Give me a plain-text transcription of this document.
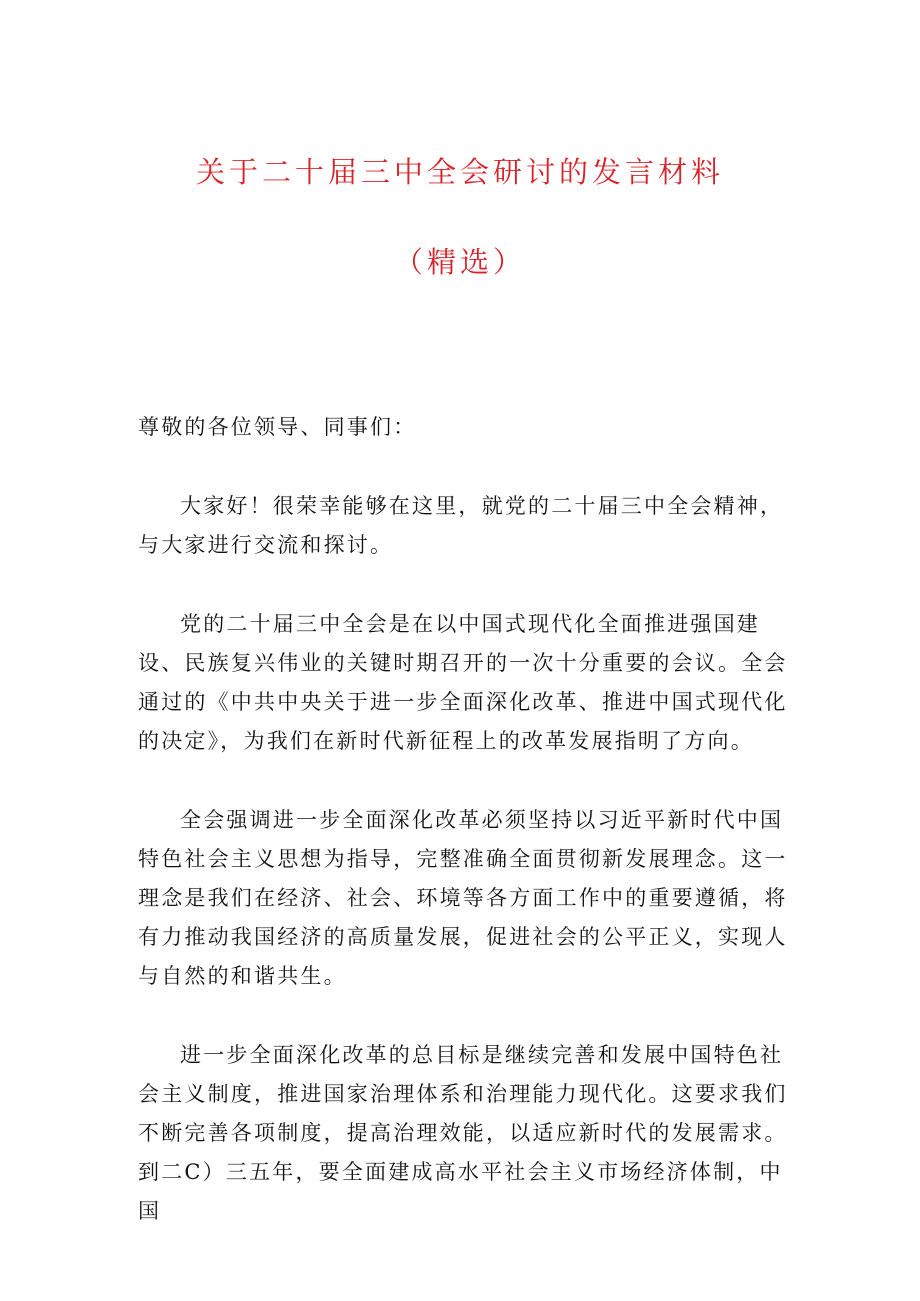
关于二十届三中全会研讨的发言材料
（精选）

尊敬的各位领导、同事们：

大家好！很荣幸能够在这里，就党的二十届三中全会精神，与大家进行交流和探讨。

党的二十届三中全会是在以中国式现代化全面推进强国建设、民族复兴伟业的关键时期召开的一次十分重要的会议。全会通过的《中共中央关于进一步全面深化改革、推进中国式现代化的决定》，为我们在新时代新征程上的改革发展指明了方向。

全会强调进一步全面深化改革必须坚持以习近平新时代中国特色社会主义思想为指导，完整准确全面贯彻新发展理念。这一理念是我们在经济、社会、环境等各方面工作中的重要遵循，将有力推动我国经济的高质量发展，促进社会的公平正义，实现人与自然的和谐共生。

进一步全面深化改革的总目标是继续完善和发展中国特色社会主义制度，推进国家治理体系和治理能力现代化。这要求我们不断完善各项制度，提高治理效能，以适应新时代的发展需求。到二C）三五年，要全面建成高水平社会主义市场经济体制，中国
